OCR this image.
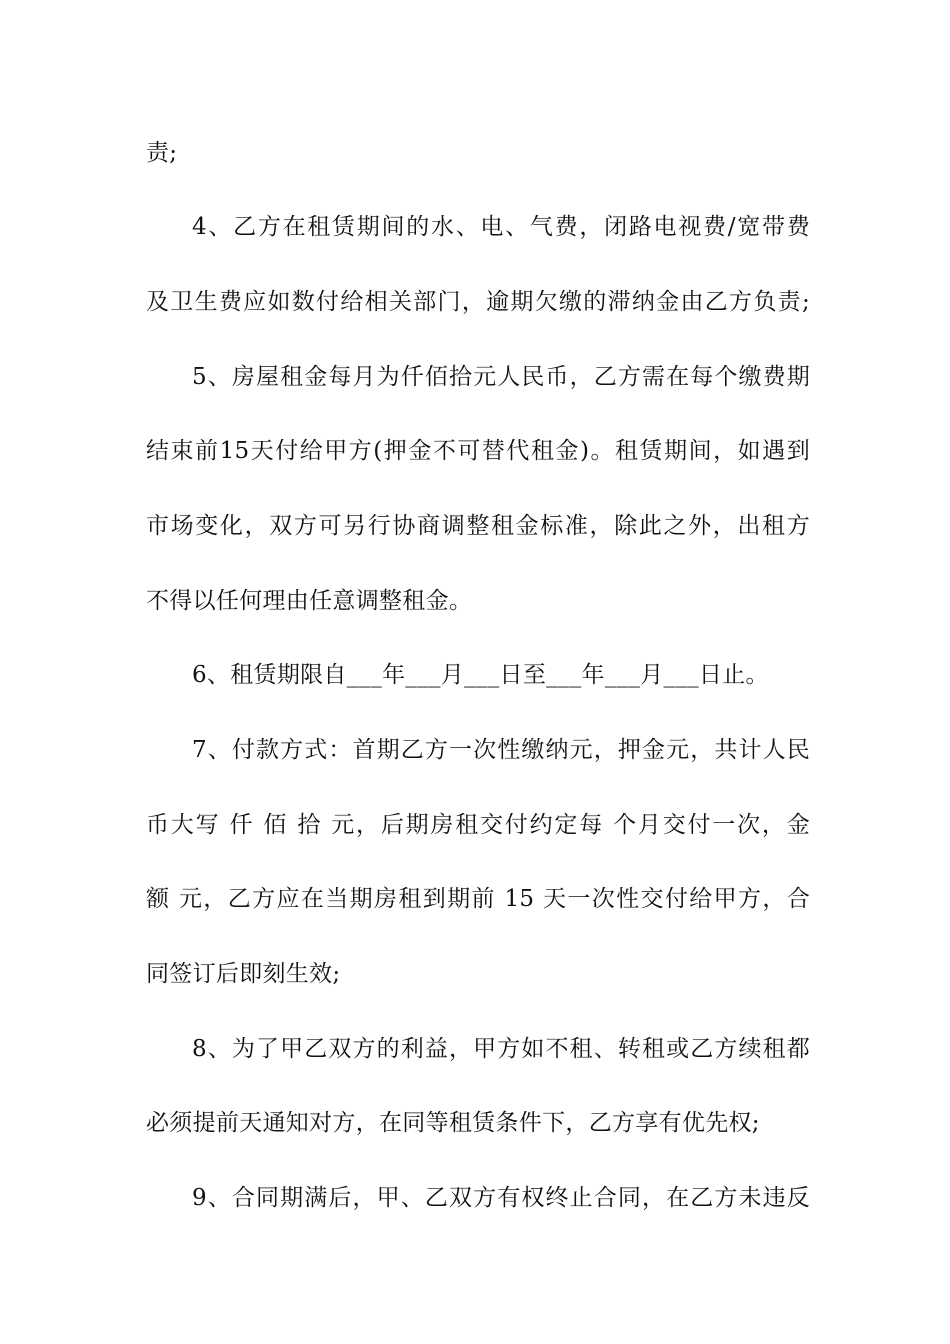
责;
4、乙方在租赁期间的水、电、气费，闭路电视费/宽带费
及卫生费应如数付给相关部门，逾期欠缴的滞纳金由乙方负责;
5、房屋租金每月为仟佰拾元人民币，乙方需在每个缴费期
结束前15天付给甲方(押金不可替代租金)。租赁期间，如遇到
市场变化，双方可另行协商调整租金标准，除此之外，出租方
不得以任何理由任意调整租金。
6、租赁期限自___年___月___日至___年___月___日止。
7、付款方式：首期乙方一次性缴纳元，押金元，共计人民
币大写 仟 佰 拾 元，后期房租交付约定每 个月交付一次，金
额 元，乙方应在当期房租到期前 15 天一次性交付给甲方，合
同签订后即刻生效;
8、为了甲乙双方的利益，甲方如不租、转租或乙方续租都
必须提前天通知对方，在同等租赁条件下，乙方享有优先权;
9、合同期满后，甲、乙双方有权终止合同，在乙方未违反
